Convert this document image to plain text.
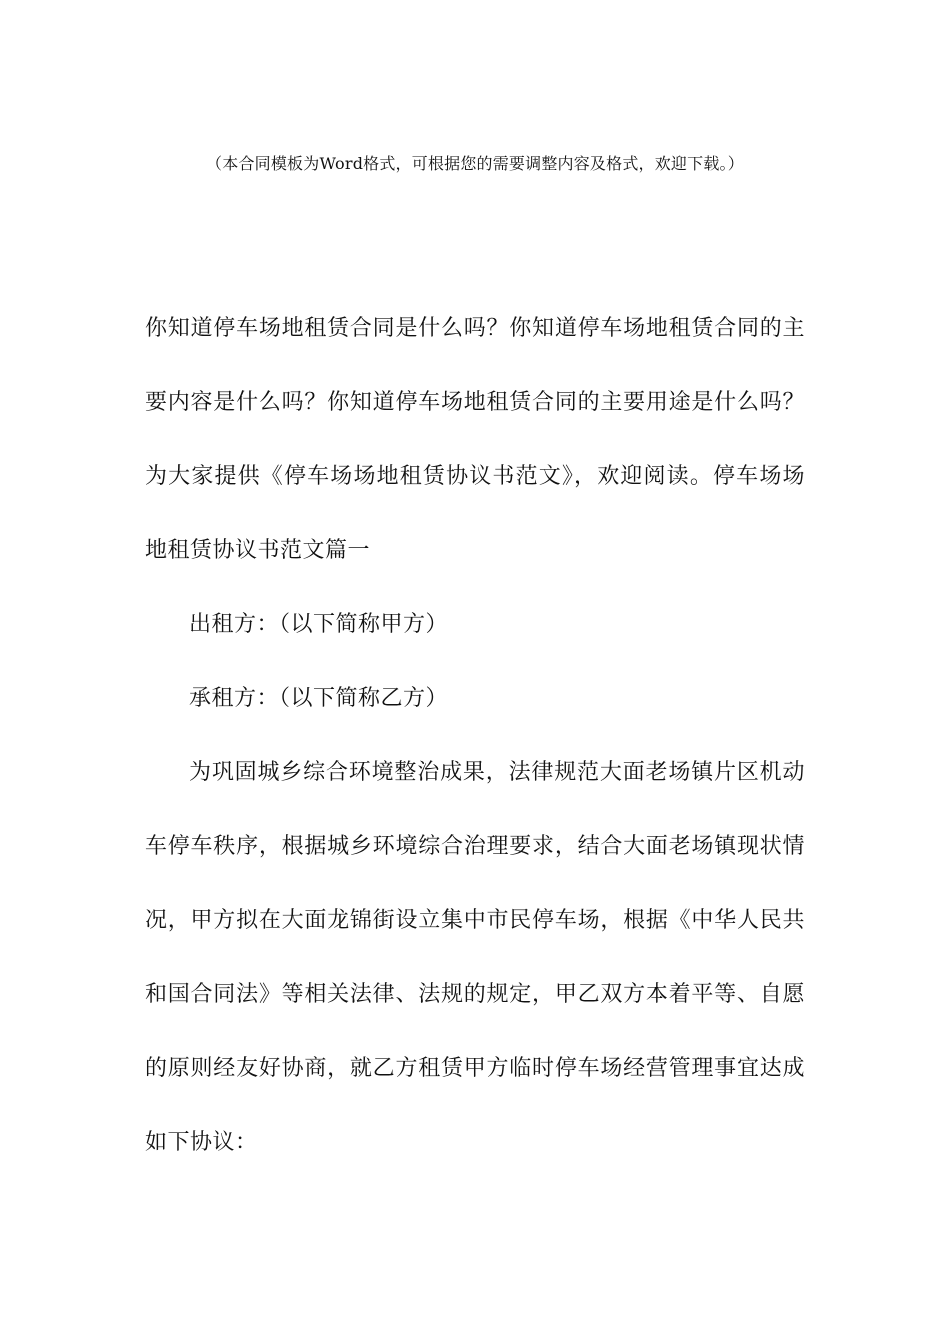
（本合同模板为Word格式，可根据您的需要调整内容及格式，欢迎下载。）

你知道停车场地租赁合同是什么吗？你知道停车场地租赁合同的主要内容是什么吗？你知道停车场地租赁合同的主要用途是什么吗？为大家提供《停车场场地租赁协议书范文》，欢迎阅读。停车场场地租赁协议书范文篇一

出租方：（以下简称甲方）

承租方：（以下简称乙方）

为巩固城乡综合环境整治成果，法律规范大面老场镇片区机动车停车秩序，根据城乡环境综合治理要求，结合大面老场镇现状情况，甲方拟在大面龙锦街设立集中市民停车场，根据《中华人民共和国合同法》等相关法律、法规的规定，甲乙双方本着平等、自愿的原则经友好协商，就乙方租赁甲方临时停车场经营管理事宜达成如下协议：
